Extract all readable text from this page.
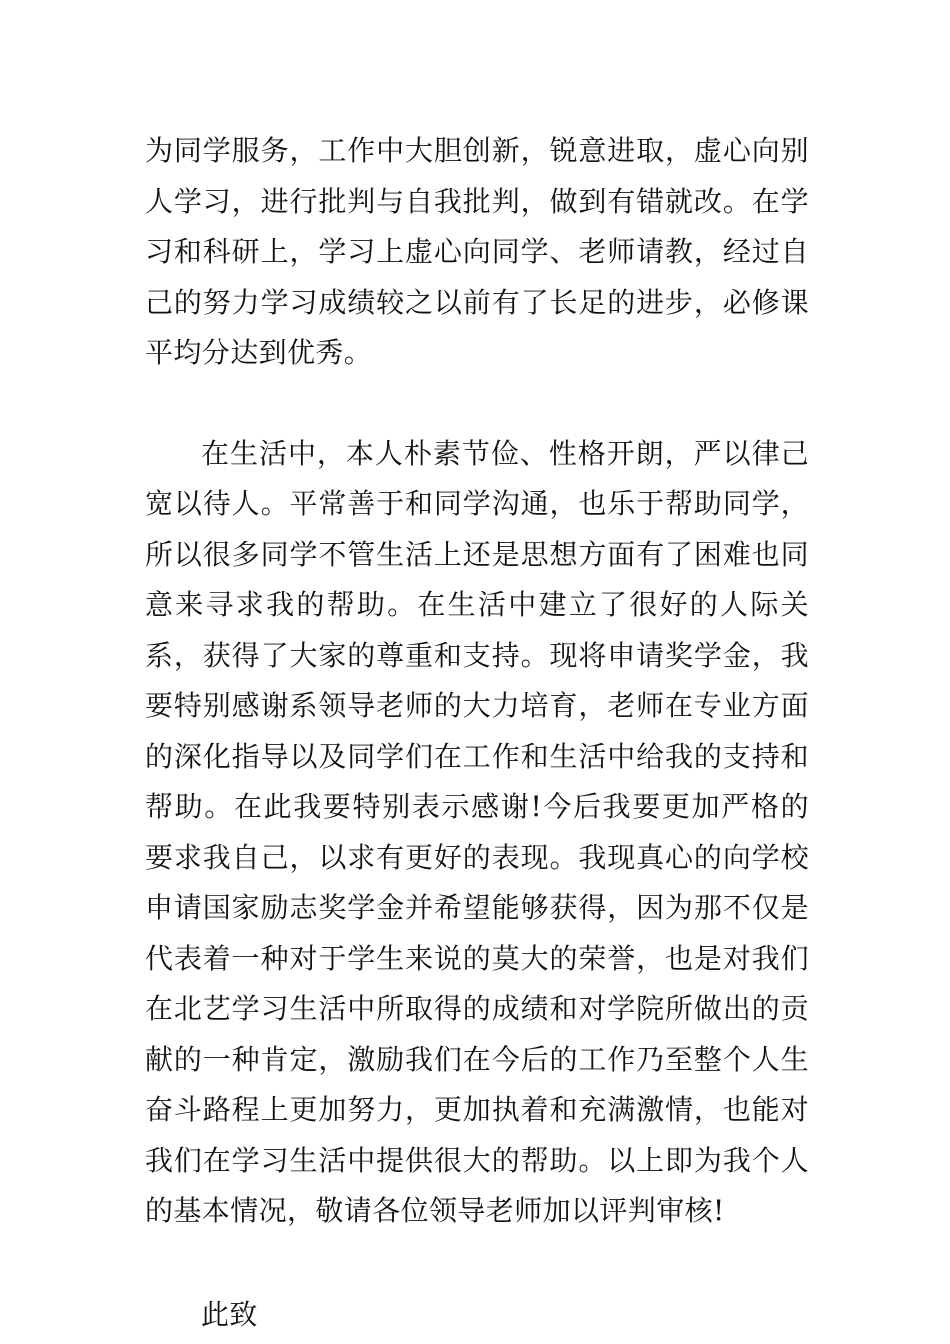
为同学服务，工作中大胆创新，锐意进取，虚心向别人学习，进行批判与自我批判，做到有错就改。在学习和科研上，学习上虚心向同学、老师请教，经过自己的努力学习成绩较之以前有了长足的进步，必修课平均分达到优秀。

在生活中，本人朴素节俭、性格开朗，严以律己宽以待人。平常善于和同学沟通，也乐于帮助同学，所以很多同学不管生活上还是思想方面有了困难也同意来寻求我的帮助。在生活中建立了很好的人际关系，获得了大家的尊重和支持。现将申请奖学金，我要特别感谢系领导老师的大力培育，老师在专业方面的深化指导以及同学们在工作和生活中给我的支持和帮助。在此我要特别表示感谢!今后我要更加严格的要求我自己，以求有更好的表现。我现真心的向学校申请国家励志奖学金并希望能够获得，因为那不仅是代表着一种对于学生来说的莫大的荣誉，也是对我们在北艺学习生活中所取得的成绩和对学院所做出的贡献的一种肯定，激励我们在今后的工作乃至整个人生奋斗路程上更加努力，更加执着和充满激情，也能对我们在学习生活中提供很大的帮助。以上即为我个人的基本情况，敬请各位领导老师加以评判审核!

此致
